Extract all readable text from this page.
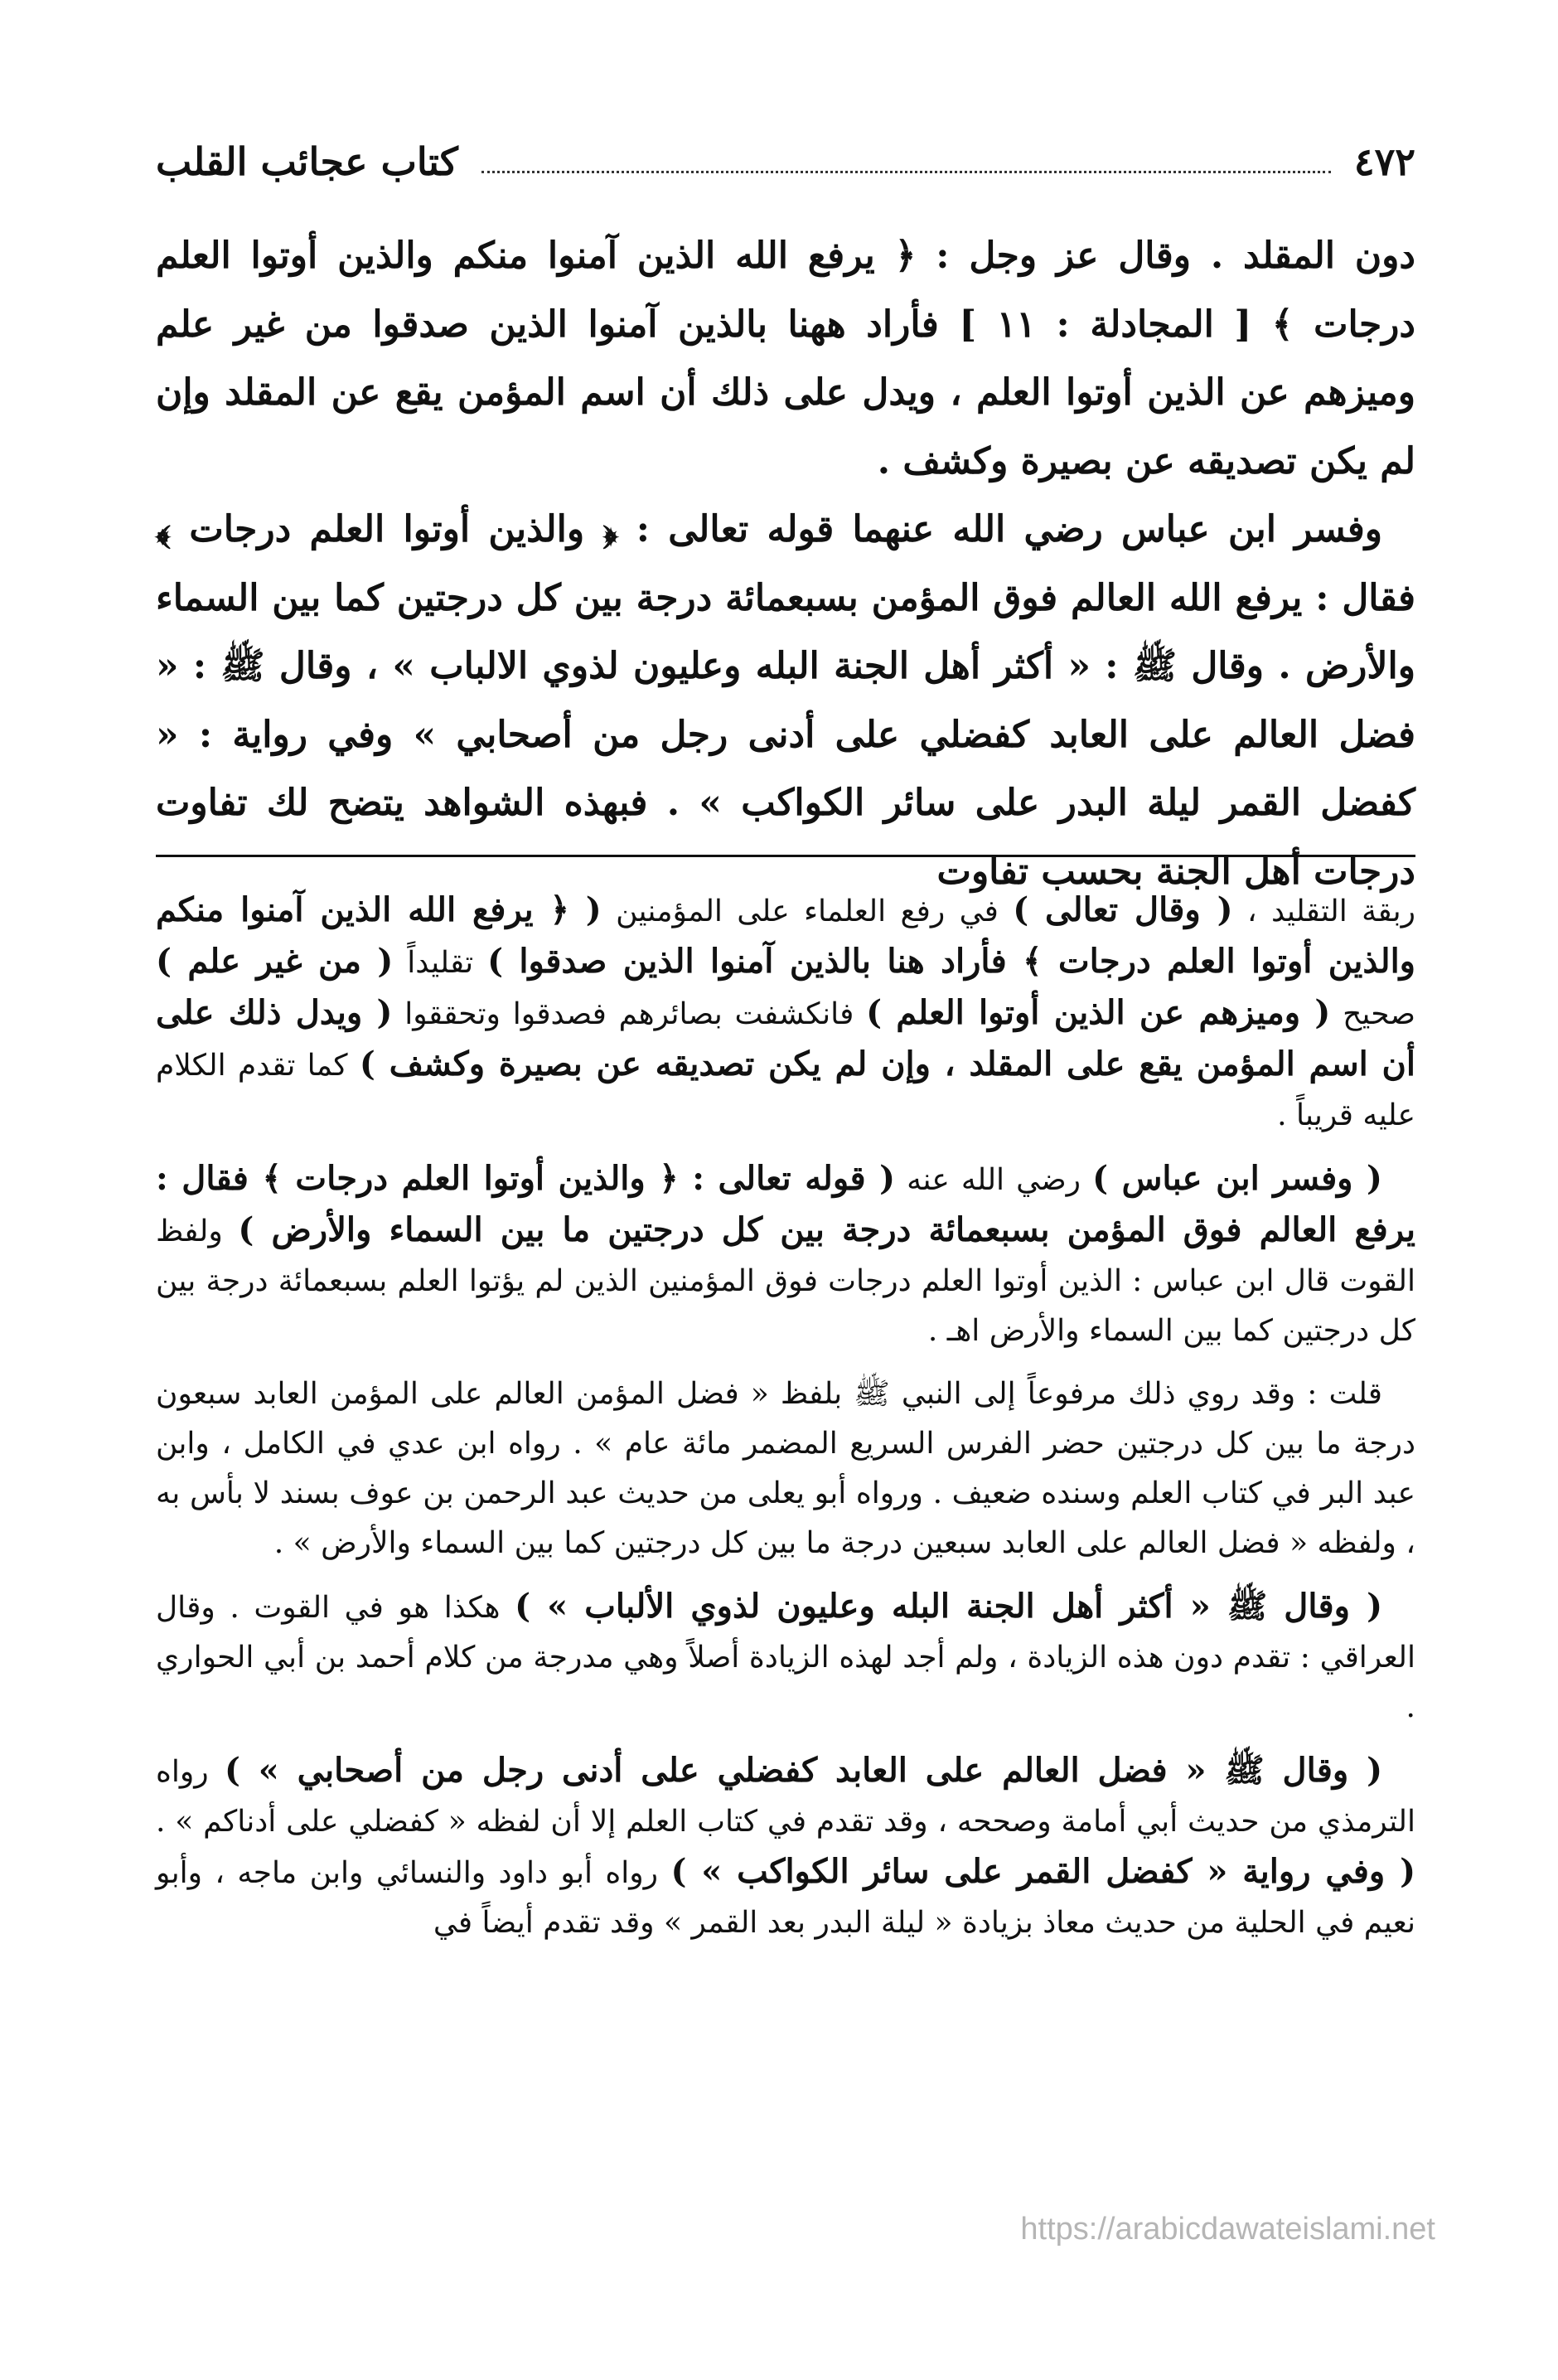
٤٧٢
كتاب عجائب القلب

دون المقلد . وقال عز وجل : ﴿ يرفع الله الذين آمنوا منكم والذين أوتوا العلم درجات ﴾ [ المجادلة : ١١ ] فأراد ههنا بالذين آمنوا الذين صدقوا من غير علم وميزهم عن الذين أوتوا العلم ، ويدل على ذلك أن اسم المؤمن يقع عن المقلد وإن لم يكن تصديقه عن بصيرة وكشف .

وفسر ابن عباس رضي الله عنهما قوله تعالى : ﴿ والذين أوتوا العلم درجات ﴾ فقال : يرفع الله العالم فوق المؤمن بسبعمائة درجة بين كل درجتين كما بين السماء والأرض . وقال ﷺ : « أكثر أهل الجنة البله وعليون لذوي الالباب » ، وقال ﷺ : « فضل العالم على العابد كفضلي على أدنى رجل من أصحابي » وفي رواية : « كفضل القمر ليلة البدر على سائر الكواكب » . فبهذه الشواهد يتضح لك تفاوت درجات أهل الجنة بحسب تفاوت

ربقة التقليد ، ( وقال تعالى ) في رفع العلماء على المؤمنين ( ﴿ يرفع الله الذين آمنوا منكم والذين أوتوا العلم درجات ﴾ فأراد هنا بالذين آمنوا الذين صدقوا ) تقليداً ( من غير علم ) صحيح ( وميزهم عن الذين أوتوا العلم ) فانكشفت بصائرهم فصدقوا وتحققوا ( ويدل ذلك على أن اسم المؤمن يقع على المقلد ، وإن لم يكن تصديقه عن بصيرة وكشف ) كما تقدم الكلام عليه قريباً .

( وفسر ابن عباس ) رضي الله عنه ( قوله تعالى : ﴿ والذين أوتوا العلم درجات ﴾ فقال : يرفع العالم فوق المؤمن بسبعمائة درجة بين كل درجتين ما بين السماء والأرض ) ولفظ القوت قال ابن عباس : الذين أوتوا العلم درجات فوق المؤمنين الذين لم يؤتوا العلم بسبعمائة درجة بين كل درجتين كما بين السماء والأرض اهـ .

قلت : وقد روي ذلك مرفوعاً إلى النبي ﷺ بلفظ « فضل المؤمن العالم على المؤمن العابد سبعون درجة ما بين كل درجتين حضر الفرس السريع المضمر مائة عام » . رواه ابن عدي في الكامل ، وابن عبد البر في كتاب العلم وسنده ضعيف . ورواه أبو يعلى من حديث عبد الرحمن بن عوف بسند لا بأس به ، ولفظه « فضل العالم على العابد سبعين درجة ما بين كل درجتين كما بين السماء والأرض » .

( وقال ﷺ « أكثر أهل الجنة البله وعليون لذوي الألباب » ) هكذا هو في القوت . وقال العراقي : تقدم دون هذه الزيادة ، ولم أجد لهذه الزيادة أصلاً وهي مدرجة من كلام أحمد بن أبي الحواري .

( وقال ﷺ « فضل العالم على العابد كفضلي على أدنى رجل من أصحابي » ) رواه الترمذي من حديث أبي أمامة وصححه ، وقد تقدم في كتاب العلم إلا أن لفظه « كفضلي على أدناكم » . ( وفي رواية « كفضل القمر على سائر الكواكب » ) رواه أبو داود والنسائي وابن ماجه ، وأبو نعيم في الحلية من حديث معاذ بزيادة « ليلة البدر بعد القمر » وقد تقدم أيضاً في

https://arabicdawateislami.net
